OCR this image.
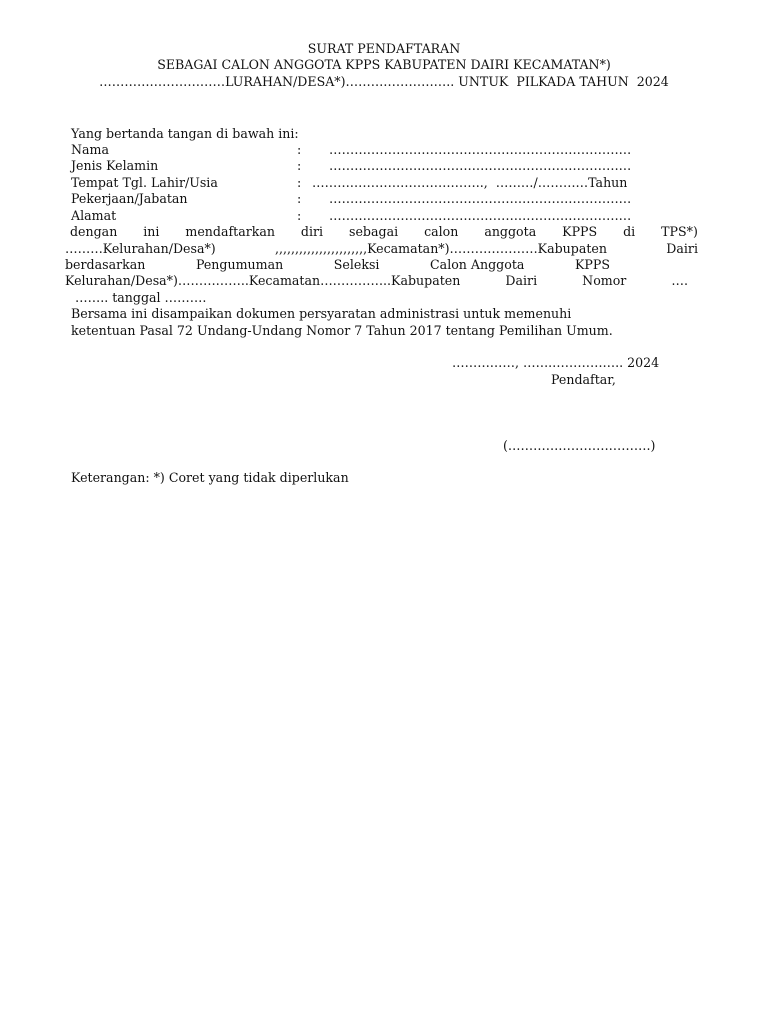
SURAT PENDAFTARAN
SEBAGAI CALON ANGGOTA KPPS KABUPATEN DAIRI KECAMATAN*)
…………………………LURAHAN/DESA*)…………………….. UNTUK  PILKADA TAHUN  2024
Yang bertanda tangan di bawah ini:
Nama	: ………………………………………………………………
Jenis Kelamin	: ………………………………………………………………
Tempat Tgl. Lahir/Usia	: …………………………………..,  ………/…………Tahun
Pekerjaan/Jabatan	: ………………………………………………………………
Alamat	: ………………………………………………………………
dengan ini mendaftarkan diri sebagai calon anggota KPPS di TPS*)
………Kelurahan/Desa*)	,,,,,,,,,,,,,,,,,,,,,,,Kecamatan*)…………………Kabupaten	Dairi
berdasarkan	Pengumuman	Seleksi	Calon Anggota	KPPS
Kelurahan/Desa*)……………..Kecamatan……………..Kabupaten	Dairi	Nomor	….
…….. tanggal ……….
Bersama ini disampaikan dokumen persyaratan administrasi untuk memenuhi
ketentuan Pasal 72 Undang-Undang Nomor 7 Tahun 2017 tentang Pemilihan Umum.
……………, …….…………….. 2024
Pendaftar,
(…………………………….)
Keterangan: *) Coret yang tidak diperlukan
